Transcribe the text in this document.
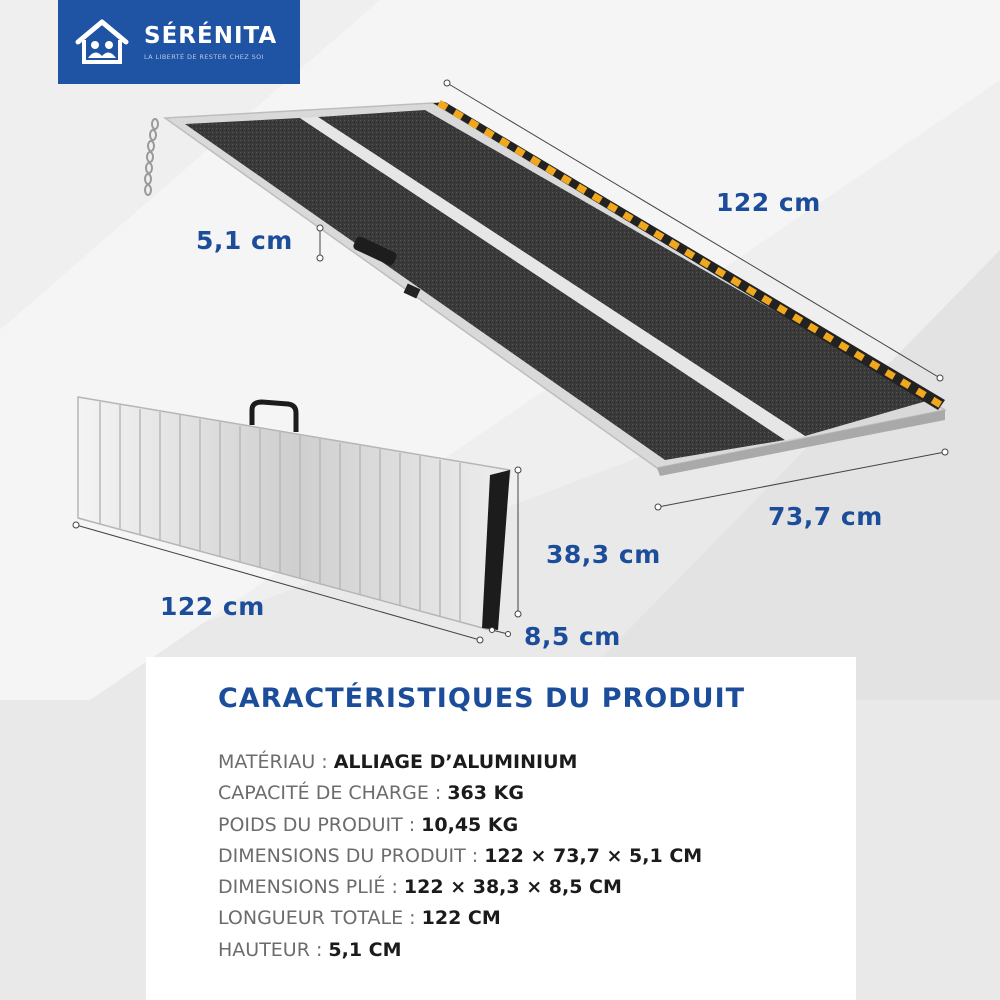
SÉRÉNITA
LA LIBERTÉ DE RESTER CHEZ SOI
122 cm
5,1 cm
73,7 cm
38,3 cm
122 cm
8,5 cm
CARACTÉRISTIQUES DU PRODUIT
MATÉRIAU : ALLIAGE D’ALUMINIUM
CAPACITÉ DE CHARGE : 363 KG
POIDS DU PRODUIT : 10,45 KG
DIMENSIONS DU PRODUIT : 122 × 73,7 × 5,1 CM
DIMENSIONS PLIÉ : 122 × 38,3 × 8,5 CM
LONGUEUR TOTALE : 122 CM
HAUTEUR : 5,1 CM
